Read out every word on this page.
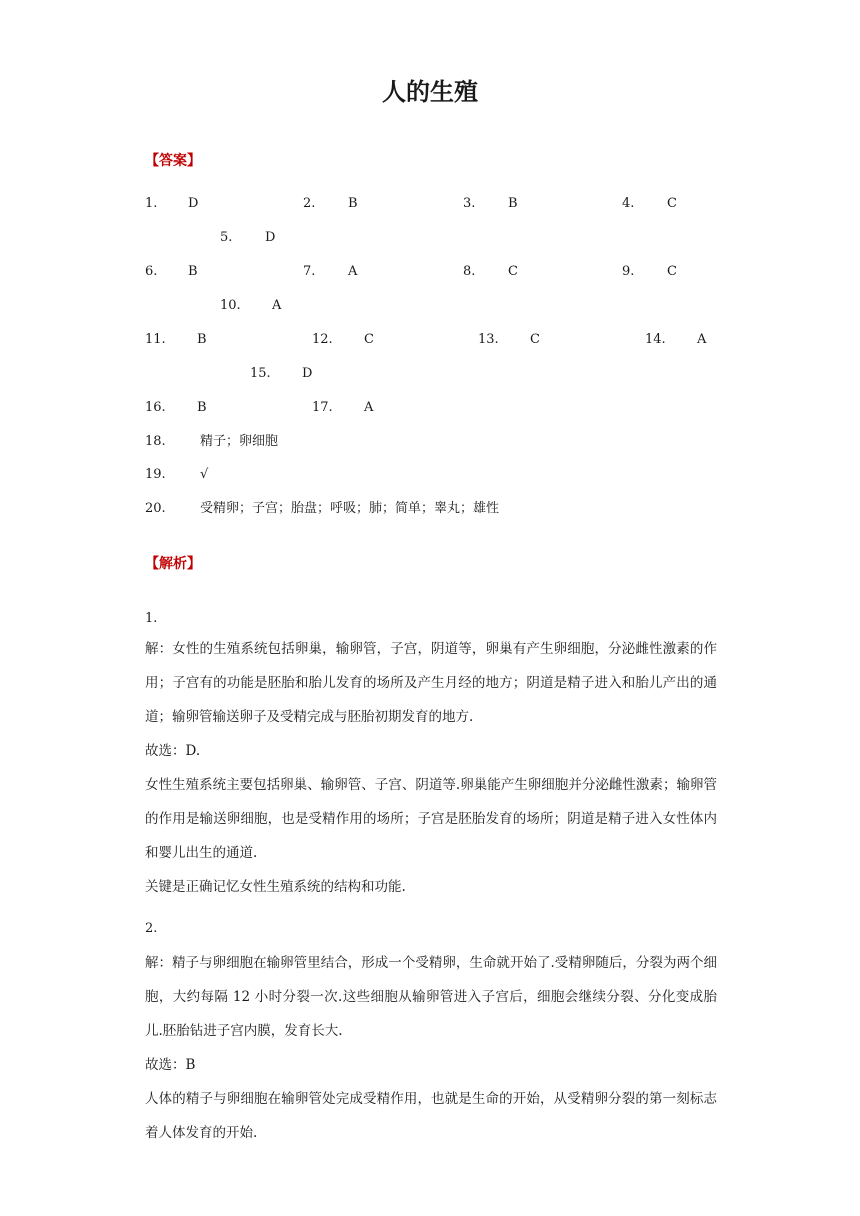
人的生殖
【答案】
1. D	2.	B	3.	B	4.	C
5.	D
6. B	7.	A	8.	C	9.	C
10. A
11. B	12. C	13. C	14. A
15. D
16. B	17. A
18.	精子；卵细胞
19.	√
20.	受精卵；子宫；胎盘；呼吸；肺；简单；睾丸；雄性
【解析】
1.
解：女性的生殖系统包括卵巢，输卵管，子宫，阴道等，卵巢有产生卵细胞，分泌雌性激素的作用；子宫有的功能是胚胎和胎儿发育的场所及产生月经的地方；阴道是精子进入和胎儿产出的通道；输卵管输送卵子及受精完成与胚胎初期发育的地方.
故选：D.
女性生殖系统主要包括卵巢、输卵管、子宫、阴道等.卵巢能产生卵细胞并分泌雌性激素；输卵管的作用是输送卵细胞，也是受精作用的场所；子宫是胚胎发育的场所；阴道是精子进入女性体内和婴儿出生的通道.
关键是正确记忆女性生殖系统的结构和功能.
2.
解：精子与卵细胞在输卵管里结合，形成一个受精卵，生命就开始了.受精卵随后，分裂为两个细胞，大约每隔 12 小时分裂一次.这些细胞从输卵管进入子宫后，细胞会继续分裂、分化变成胎儿.胚胎钻进子宫内膜，发育长大.
故选：B
人体的精子与卵细胞在输卵管处完成受精作用，也就是生命的开始，从受精卵分裂的第一刻标志着人体发育的开始.
